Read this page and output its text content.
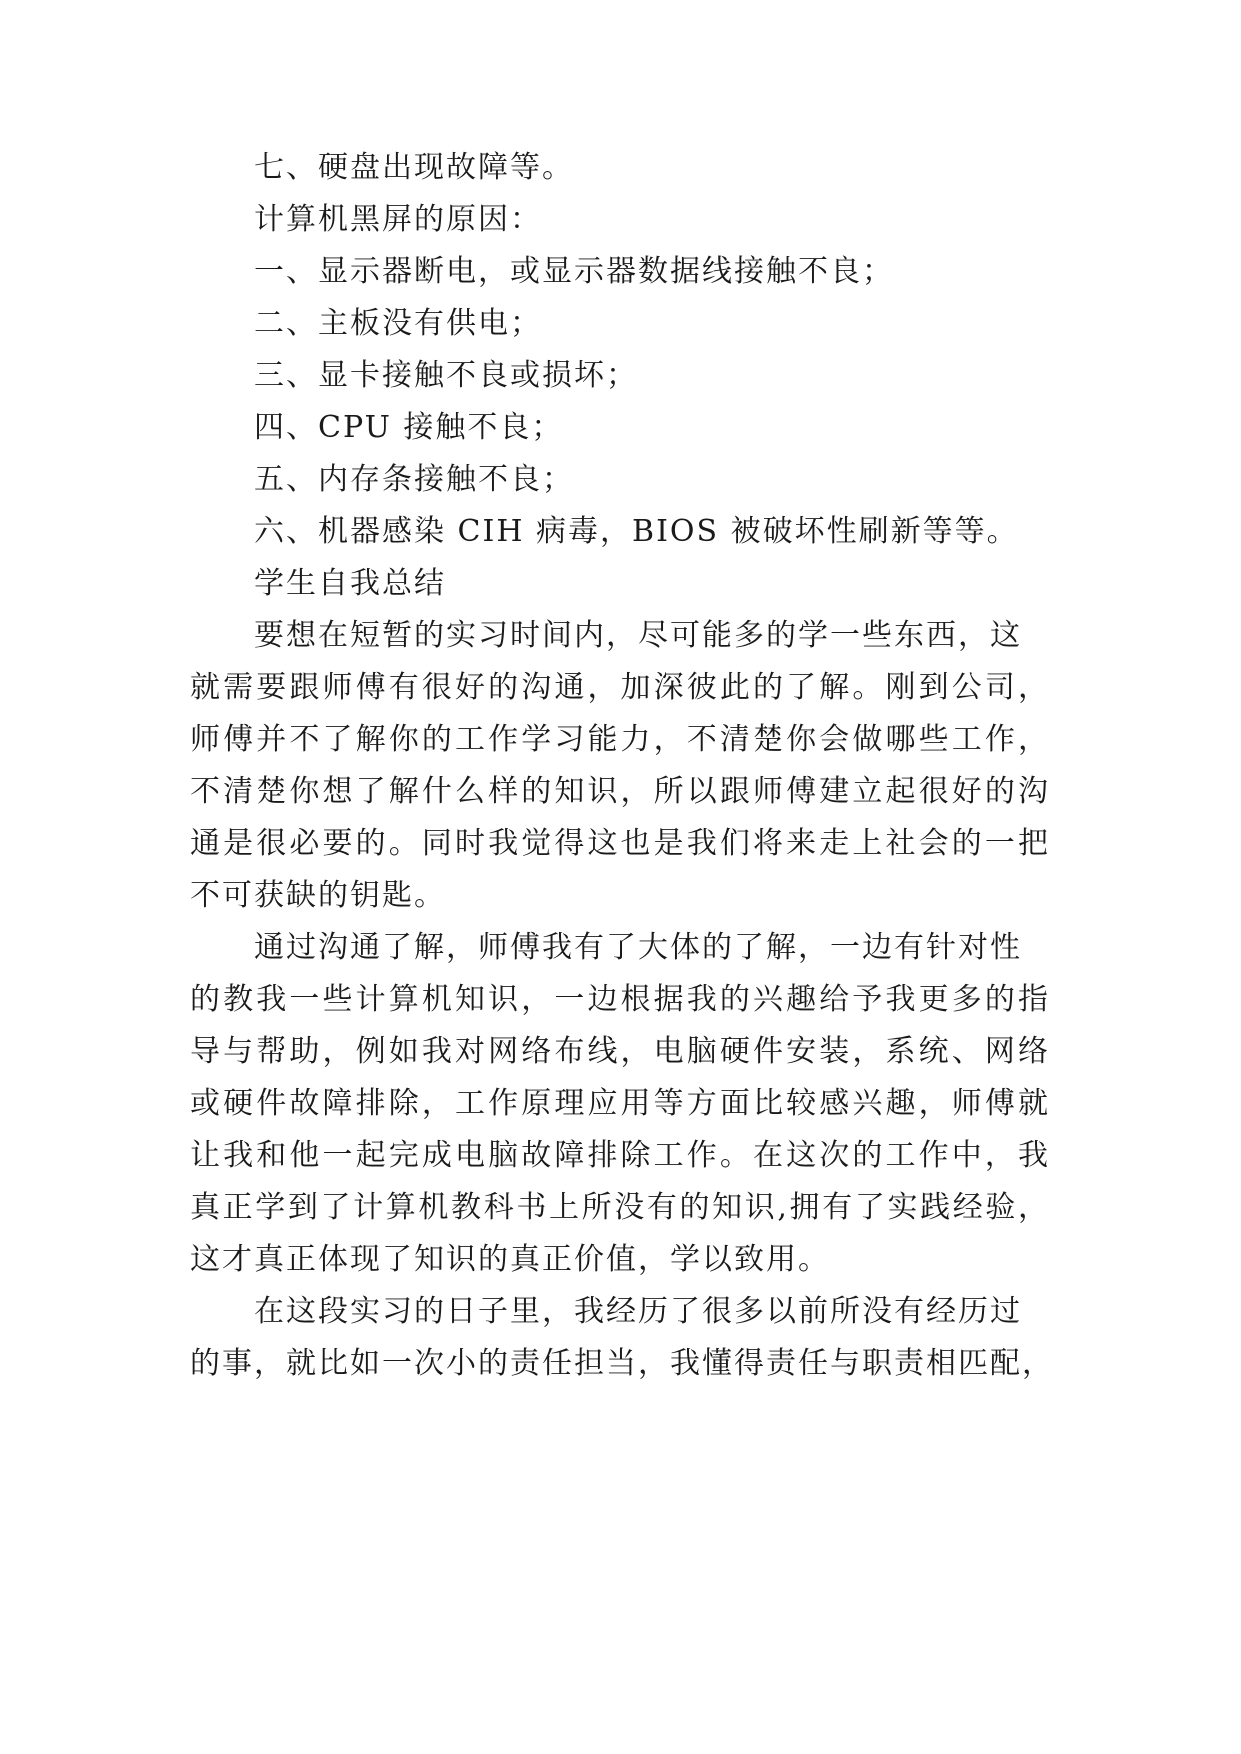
七、硬盘出现故障等。
计算机黑屏的原因：
一、显示器断电，或显示器数据线接触不良；
二、主板没有供电；
三、显卡接触不良或损坏；
四、CPU 接触不良；
五、内存条接触不良；
六、机器感染 CIH 病毒，BIOS 被破坏性刷新等等。
学生自我总结
要想在短暂的实习时间内，尽可能多的学一些东西，这
就需要跟师傅有很好的沟通，加深彼此的了解。刚到公司，
师傅并不了解你的工作学习能力，不清楚你会做哪些工作，
不清楚你想了解什么样的知识，所以跟师傅建立起很好的沟
通是很必要的。同时我觉得这也是我们将来走上社会的一把
不可获缺的钥匙。
通过沟通了解，师傅我有了大体的了解，一边有针对性
的教我一些计算机知识，一边根据我的兴趣给予我更多的指
导与帮助，例如我对网络布线，电脑硬件安装，系统、网络
或硬件故障排除，工作原理应用等方面比较感兴趣，师傅就
让我和他一起完成电脑故障排除工作。在这次的工作中，我
真正学到了计算机教科书上所没有的知识,拥有了实践经验，
这才真正体现了知识的真正价值，学以致用。
在这段实习的日子里，我经历了很多以前所没有经历过
的事，就比如一次小的责任担当，我懂得责任与职责相匹配，
